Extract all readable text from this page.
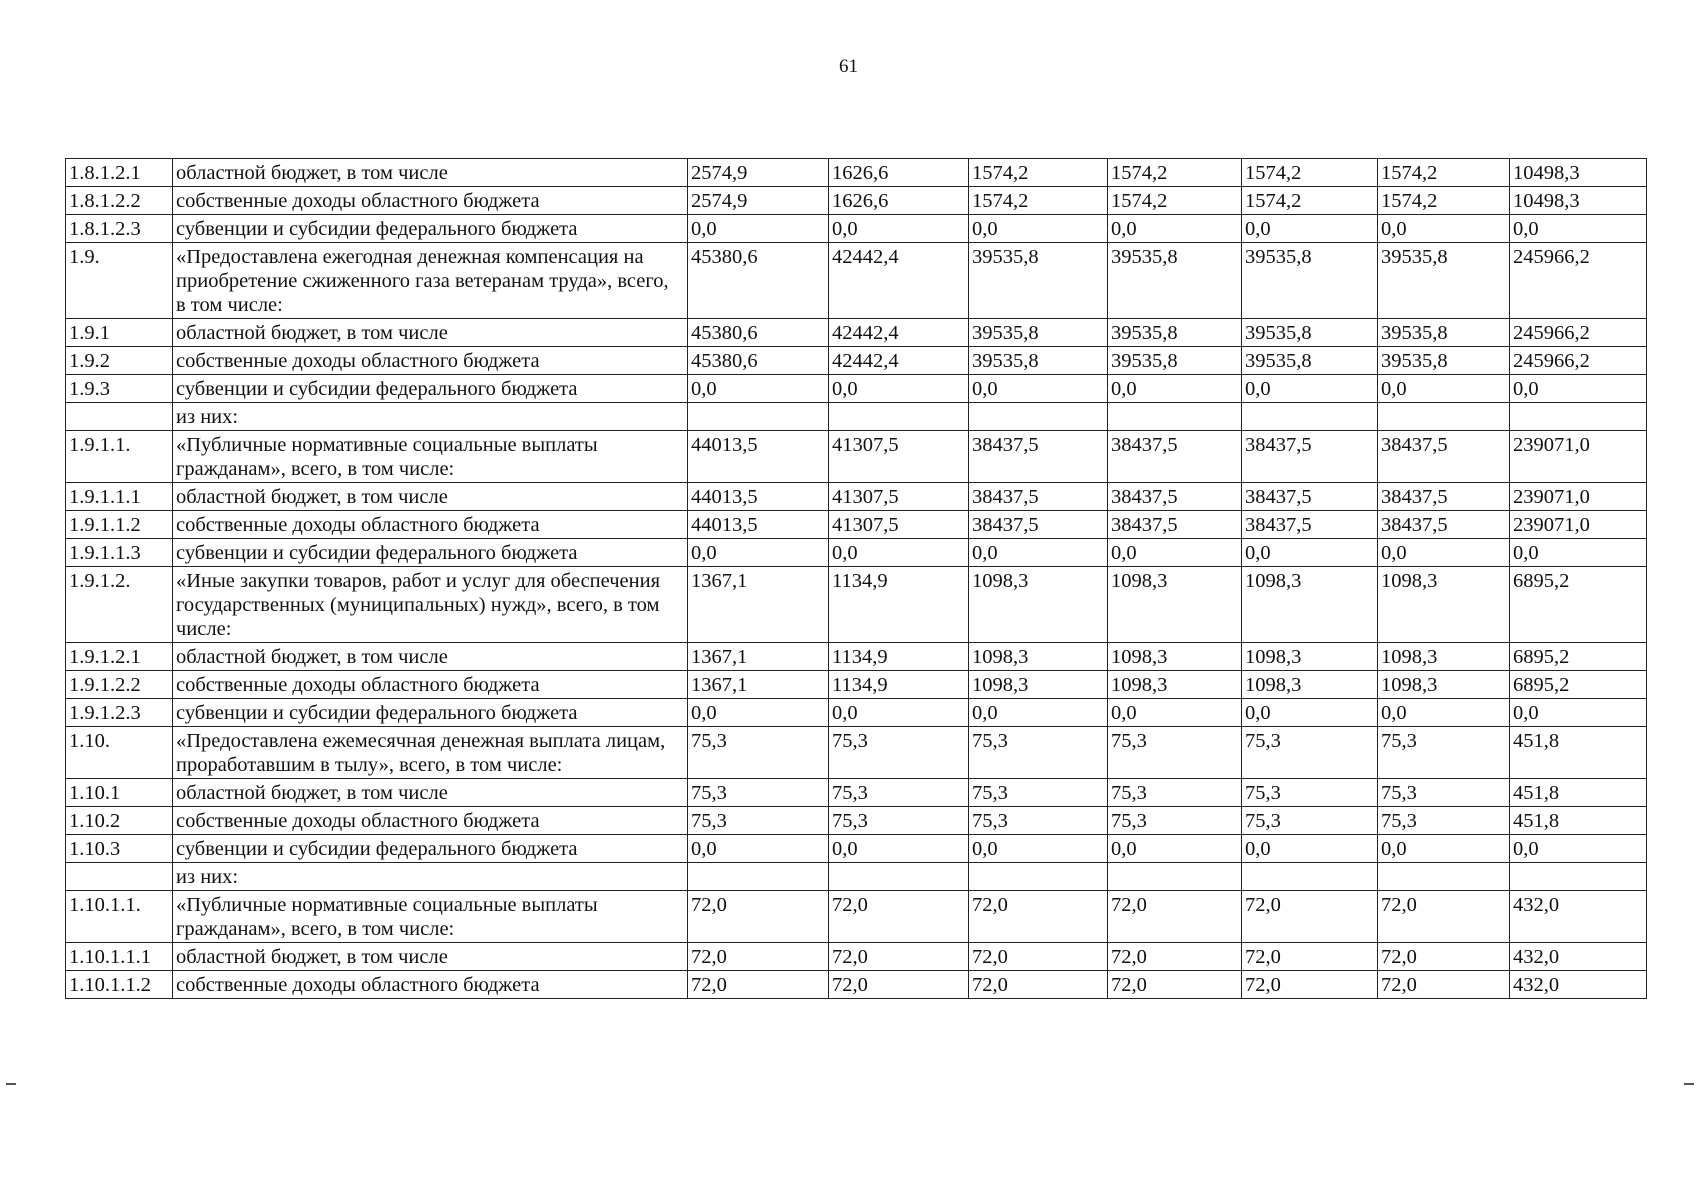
61
1.8.1.2.1	областной бюджет, в том числе	2574,9	1626,6	1574,2	1574,2	1574,2	1574,2	10498,3
1.8.1.2.2	собственные доходы областного бюджета	2574,9	1626,6	1574,2	1574,2	1574,2	1574,2	10498,3
1.8.1.2.3	субвенции и субсидии федерального бюджета	0,0	0,0	0,0	0,0	0,0	0,0	0,0
1.9.	«Предоставлена ежегодная денежная компенсация на приобретение сжиженного газа ветеранам труда», всего, в том числе:	45380,6	42442,4	39535,8	39535,8	39535,8	39535,8	245966,2
1.9.1	областной бюджет, в том числе	45380,6	42442,4	39535,8	39535,8	39535,8	39535,8	245966,2
1.9.2	собственные доходы областного бюджета	45380,6	42442,4	39535,8	39535,8	39535,8	39535,8	245966,2
1.9.3	субвенции и субсидии федерального бюджета	0,0	0,0	0,0	0,0	0,0	0,0	0,0
	из них:							
1.9.1.1.	«Публичные нормативные социальные выплаты гражданам», всего, в том числе:	44013,5	41307,5	38437,5	38437,5	38437,5	38437,5	239071,0
1.9.1.1.1	областной бюджет, в том числе	44013,5	41307,5	38437,5	38437,5	38437,5	38437,5	239071,0
1.9.1.1.2	собственные доходы областного бюджета	44013,5	41307,5	38437,5	38437,5	38437,5	38437,5	239071,0
1.9.1.1.3	субвенции и субсидии федерального бюджета	0,0	0,0	0,0	0,0	0,0	0,0	0,0
1.9.1.2.	«Иные закупки товаров, работ и услуг для обеспечения государственных (муниципальных) нужд», всего, в том числе:	1367,1	1134,9	1098,3	1098,3	1098,3	1098,3	6895,2
1.9.1.2.1	областной бюджет, в том числе	1367,1	1134,9	1098,3	1098,3	1098,3	1098,3	6895,2
1.9.1.2.2	собственные доходы областного бюджета	1367,1	1134,9	1098,3	1098,3	1098,3	1098,3	6895,2
1.9.1.2.3	субвенции и субсидии федерального бюджета	0,0	0,0	0,0	0,0	0,0	0,0	0,0
1.10.	«Предоставлена ежемесячная денежная выплата лицам, проработавшим в тылу», всего, в том числе:	75,3	75,3	75,3	75,3	75,3	75,3	451,8
1.10.1	областной бюджет, в том числе	75,3	75,3	75,3	75,3	75,3	75,3	451,8
1.10.2	собственные доходы областного бюджета	75,3	75,3	75,3	75,3	75,3	75,3	451,8
1.10.3	субвенции и субсидии федерального бюджета	0,0	0,0	0,0	0,0	0,0	0,0	0,0
	из них:							
1.10.1.1.	«Публичные нормативные социальные выплаты гражданам», всего, в том числе:	72,0	72,0	72,0	72,0	72,0	72,0	432,0
1.10.1.1.1	областной бюджет, в том числе	72,0	72,0	72,0	72,0	72,0	72,0	432,0
1.10.1.1.2	собственные доходы областного бюджета	72,0	72,0	72,0	72,0	72,0	72,0	432,0
